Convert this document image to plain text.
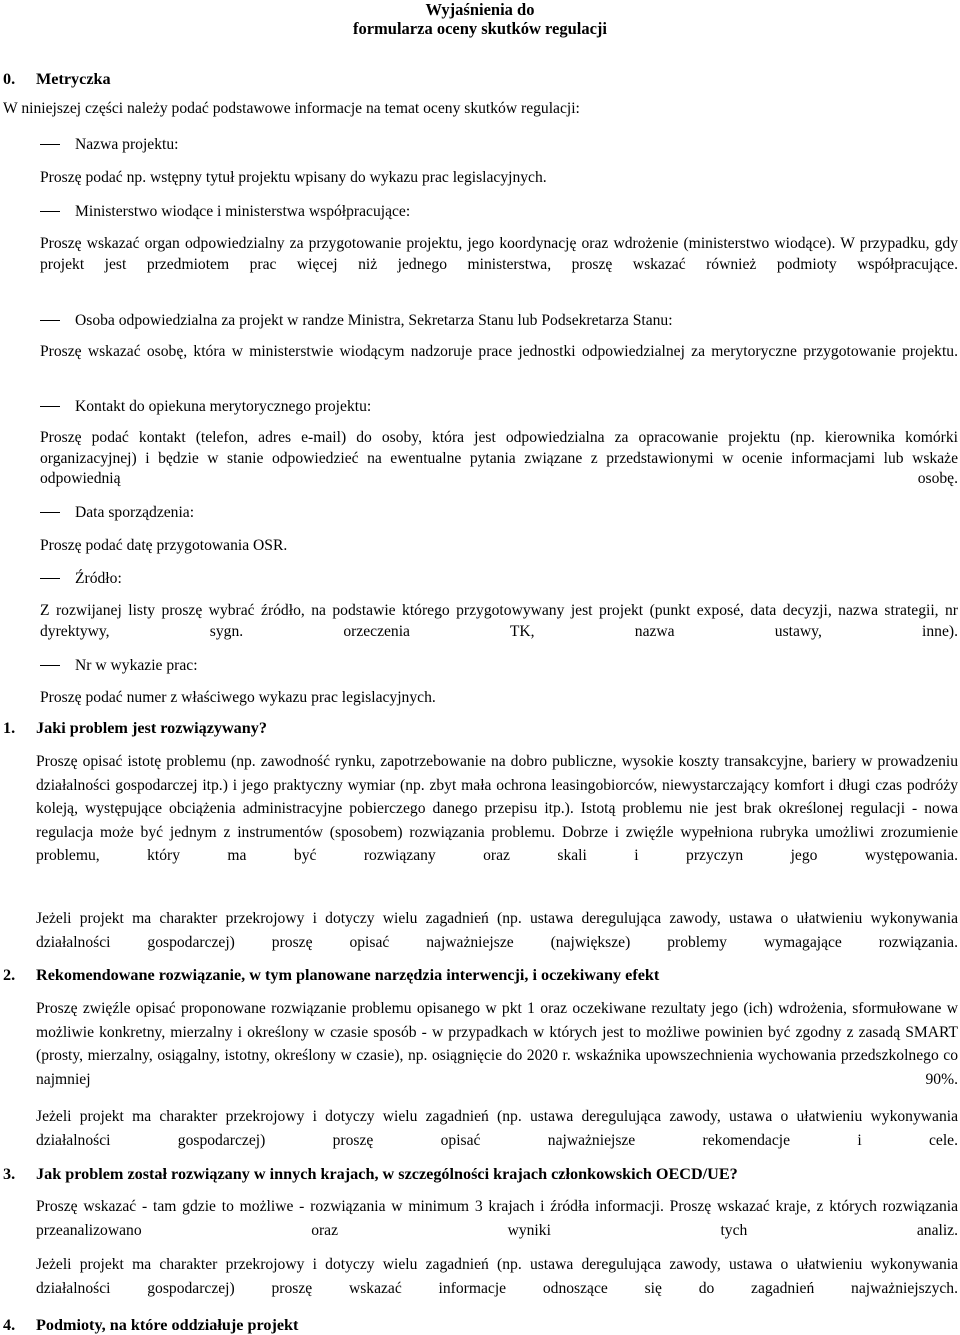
Wyjaśnienia do
formularza oceny skutków regulacji
0. Metryczka

W niniejszej części należy podać podstawowe informacje na temat oceny skutków regulacji:

Nazwa projektu:

Proszę podać np. wstępny tytuł projektu wpisany do wykazu prac legislacyjnych.

Ministerstwo wiodące i ministerstwa współpracujące:

Proszę wskazać organ odpowiedzialny za przygotowanie projektu, jego koordynację oraz wdrożenie (ministerstwo wiodące). W przypadku, gdy projekt jest przedmiotem prac więcej niż jednego ministerstwa, proszę wskazać również podmioty współpracujące.

Osoba odpowiedzialna za projekt w randze Ministra, Sekretarza Stanu lub Podsekretarza Stanu:

Proszę wskazać osobę, która w ministerstwie wiodącym nadzoruje prace jednostki odpowiedzialnej za merytoryczne przygotowanie projektu.

Kontakt do opiekuna merytorycznego projektu:

Proszę podać kontakt (telefon, adres e-mail) do osoby, która jest odpowiedzialna za opracowanie projektu (np. kierownika komórki organizacyjnej) i będzie w stanie odpowiedzieć na ewentualne pytania związane z przedstawionymi w ocenie informacjami lub wskaże odpowiednią osobę.

Data sporządzenia:

Proszę podać datę przygotowania OSR.

Źródło:

Z rozwijanej listy proszę wybrać źródło, na podstawie którego przygotowywany jest projekt (punkt exposé, data decyzji, nazwa strategii, nr dyrektywy, sygn. orzeczenia TK, nazwa ustawy, inne).

Nr w wykazie prac:

Proszę podać numer z właściwego wykazu prac legislacyjnych.

1. Jaki problem jest rozwiązywany?

Proszę opisać istotę problemu (np. zawodność rynku, zapotrzebowanie na dobro publiczne, wysokie koszty transakcyjne, bariery w prowadzeniu działalności gospodarczej itp.) i jego praktyczny wymiar (np. zbyt mała ochrona leasingobiorców, niewystarczający komfort i długi czas podróży koleją, występujące obciążenia administracyjne pobierczego danego przepisu itp.). Istotą problemu nie jest brak określonej regulacji - nowa regulacja może być jednym z instrumentów (sposobem) rozwiązania problemu. Dobrze i zwięźle wypełniona rubryka umożliwi zrozumienie problemu, który ma być rozwiązany oraz skali i przyczyn jego występowania.

Jeżeli projekt ma charakter przekrojowy i dotyczy wielu zagadnień (np. ustawa deregulująca zawody, ustawa o ułatwieniu wykonywania działalności gospodarczej) proszę opisać najważniejsze (największe) problemy wymagające rozwiązania.

2. Rekomendowane rozwiązanie, w tym planowane narzędzia interwencji, i oczekiwany efekt

Proszę zwięźle opisać proponowane rozwiązanie problemu opisanego w pkt 1 oraz oczekiwane rezultaty jego (ich) wdrożenia, sformułowane w możliwie konkretny, mierzalny i określony w czasie sposób - w przypadkach w których jest to możliwe powinien być zgodny z zasadą SMART (prosty, mierzalny, osiągalny, istotny, określony w czasie), np. osiągnięcie do 2020 r. wskaźnika upowszechnienia wychowania przedszkolnego co najmniej 90%.

Jeżeli projekt ma charakter przekrojowy i dotyczy wielu zagadnień (np. ustawa deregulująca zawody, ustawa o ułatwieniu wykonywania działalności gospodarczej) proszę opisać najważniejsze rekomendacje i cele.

3. Jak problem został rozwiązany w innych krajach, w szczególności krajach członkowskich OECD/UE?

Proszę wskazać - tam gdzie to możliwe - rozwiązania w minimum 3 krajach i źródła informacji. Proszę wskazać kraje, z których rozwiązania przeanalizowano oraz wyniki tych analiz.

Jeżeli projekt ma charakter przekrojowy i dotyczy wielu zagadnień (np. ustawa deregulująca zawody, ustawa o ułatwieniu wykonywania działalności gospodarczej) proszę wskazać informacje odnoszące się do zagadnień najważniejszych.

4. Podmioty, na które oddziałuje projekt
